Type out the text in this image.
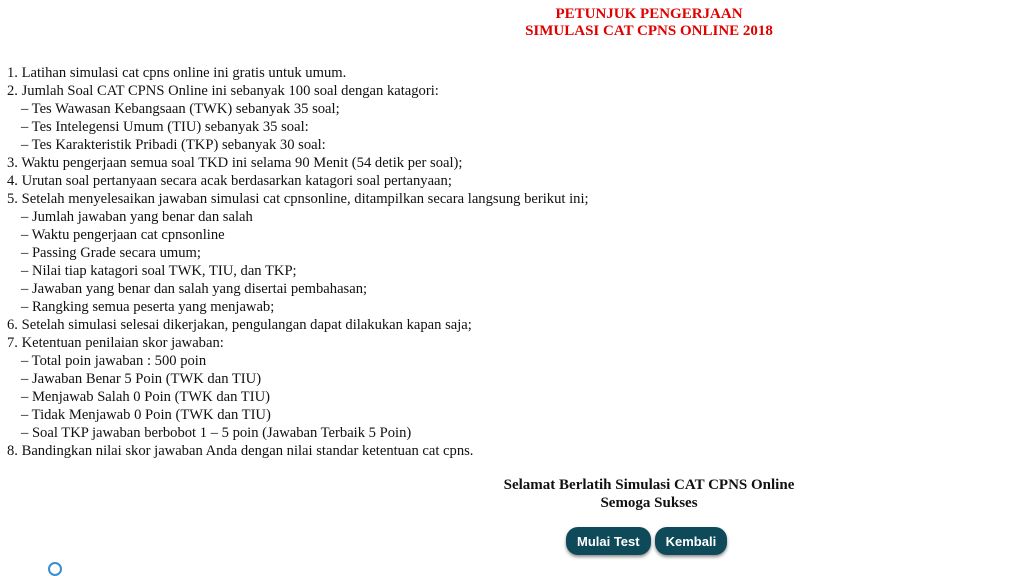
PETUNJUK PENGERJAAN
SIMULASI CAT CPNS ONLINE 2018
1. Latihan simulasi cat cpns online ini gratis untuk umum.
2. Jumlah Soal CAT CPNS Online ini sebanyak 100 soal dengan katagori:
– Tes Wawasan Kebangsaan (TWK) sebanyak 35 soal;
– Tes Intelegensi Umum (TIU) sebanyak 35 soal:
– Tes Karakteristik Pribadi (TKP) sebanyak 30 soal:
3. Waktu pengerjaan semua soal TKD ini selama 90 Menit (54 detik per soal);
4. Urutan soal pertanyaan secara acak berdasarkan katagori soal pertanyaan;
5. Setelah menyelesaikan jawaban simulasi cat cpnsonline, ditampilkan secara langsung berikut ini;
– Jumlah jawaban yang benar dan salah
– Waktu pengerjaan cat cpnsonline
– Passing Grade secara umum;
– Nilai tiap katagori soal TWK, TIU, dan TKP;
– Jawaban yang benar dan salah yang disertai pembahasan;
– Rangking semua peserta yang menjawab;
6. Setelah simulasi selesai dikerjakan, pengulangan dapat dilakukan kapan saja;
7. Ketentuan penilaian skor jawaban:
– Total poin jawaban : 500 poin
– Jawaban Benar 5 Poin (TWK dan TIU)
– Menjawab Salah 0 Poin (TWK dan TIU)
– Tidak Menjawab 0 Poin (TWK dan TIU)
– Soal TKP jawaban berbobot 1 – 5 poin (Jawaban Terbaik 5 Poin)
8. Bandingkan nilai skor jawaban Anda dengan nilai standar ketentuan cat cpns.
Selamat Berlatih Simulasi CAT CPNS Online
Semoga Sukses
Mulai Test	Kembali
